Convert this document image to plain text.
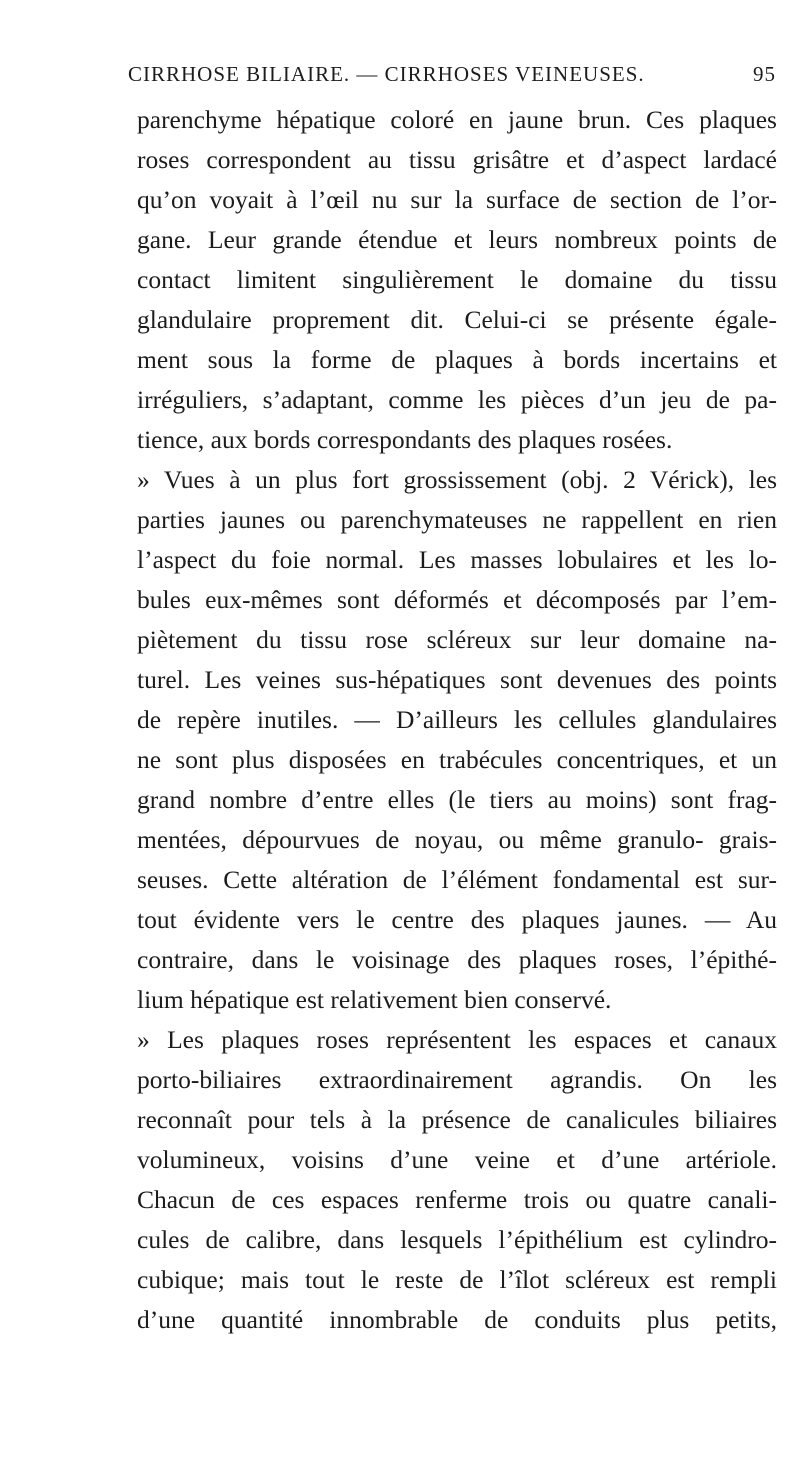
CIRRHOSE BILIAIRE. — CIRRHOSES VEINEUSES.	95
parenchyme hépatique coloré en jaune brun. Ces plaques
roses correspondent au tissu grisâtre et d’aspect lardacé
qu’on voyait à l’œil nu sur la surface de section de l’or-
gane. Leur grande étendue et leurs nombreux points de
contact limitent singulièrement le domaine du tissu
glandulaire proprement dit. Celui-ci se présente égale-
ment sous la forme de plaques à bords incertains et
irréguliers, s’adaptant, comme les pièces d’un jeu de pa-
tience, aux bords correspondants des plaques rosées.
» Vues à un plus fort grossissement (obj. 2 Vérick), les
parties jaunes ou parenchymateuses ne rappellent en rien
l’aspect du foie normal. Les masses lobulaires et les lo-
bules eux-mêmes sont déformés et décomposés par l’em-
piètement du tissu rose scléreux sur leur domaine na-
turel. Les veines sus-hépatiques sont devenues des points
de repère inutiles. — D’ailleurs les cellules glandulaires
ne sont plus disposées en trabécules concentriques, et un
grand nombre d’entre elles (le tiers au moins) sont frag-
mentées, dépourvues de noyau, ou même granulo- grais-
seuses. Cette altération de l’élément fondamental est sur-
tout évidente vers le centre des plaques jaunes. — Au
contraire, dans le voisinage des plaques roses, l’épithé-
lium hépatique est relativement bien conservé.
» Les plaques roses représentent les espaces et canaux
porto-biliaires extraordinairement agrandis. On les
reconnaît pour tels à la présence de canalicules biliaires
volumineux, voisins d’une veine et d’une artériole.
Chacun de ces espaces renferme trois ou quatre canali-
cules de calibre, dans lesquels l’épithélium est cylindro-
cubique; mais tout le reste de l’îlot scléreux est rempli
d’une quantité innombrable de conduits plus petits,
